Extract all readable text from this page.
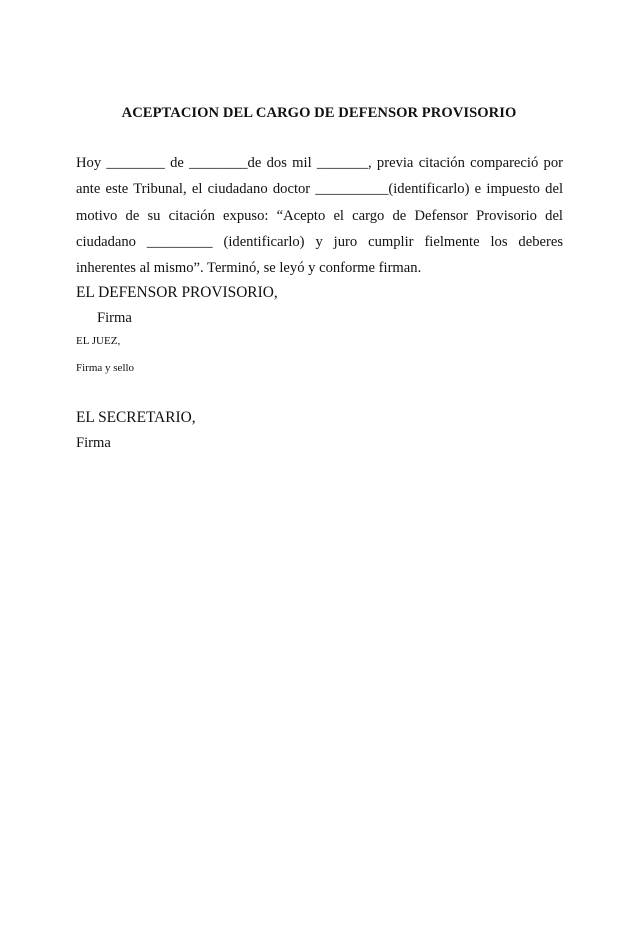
ACEPTACION DEL CARGO DE DEFENSOR PROVISORIO
Hoy ________ de ________de dos mil _______, previa citación compareció por
ante este Tribunal, el ciudadano doctor __________(identificarlo) e impuesto del
motivo de su citación expuso: “Acepto el cargo de Defensor Provisorio del
ciudadano _________ (identificarlo) y juro cumplir fielmente los deberes
inherentes al mismo”. Terminó, se leyó y conforme firman.
EL DEFENSOR PROVISORIO,
Firma
EL JUEZ,
Firma y sello
EL SECRETARIO,
Firma
